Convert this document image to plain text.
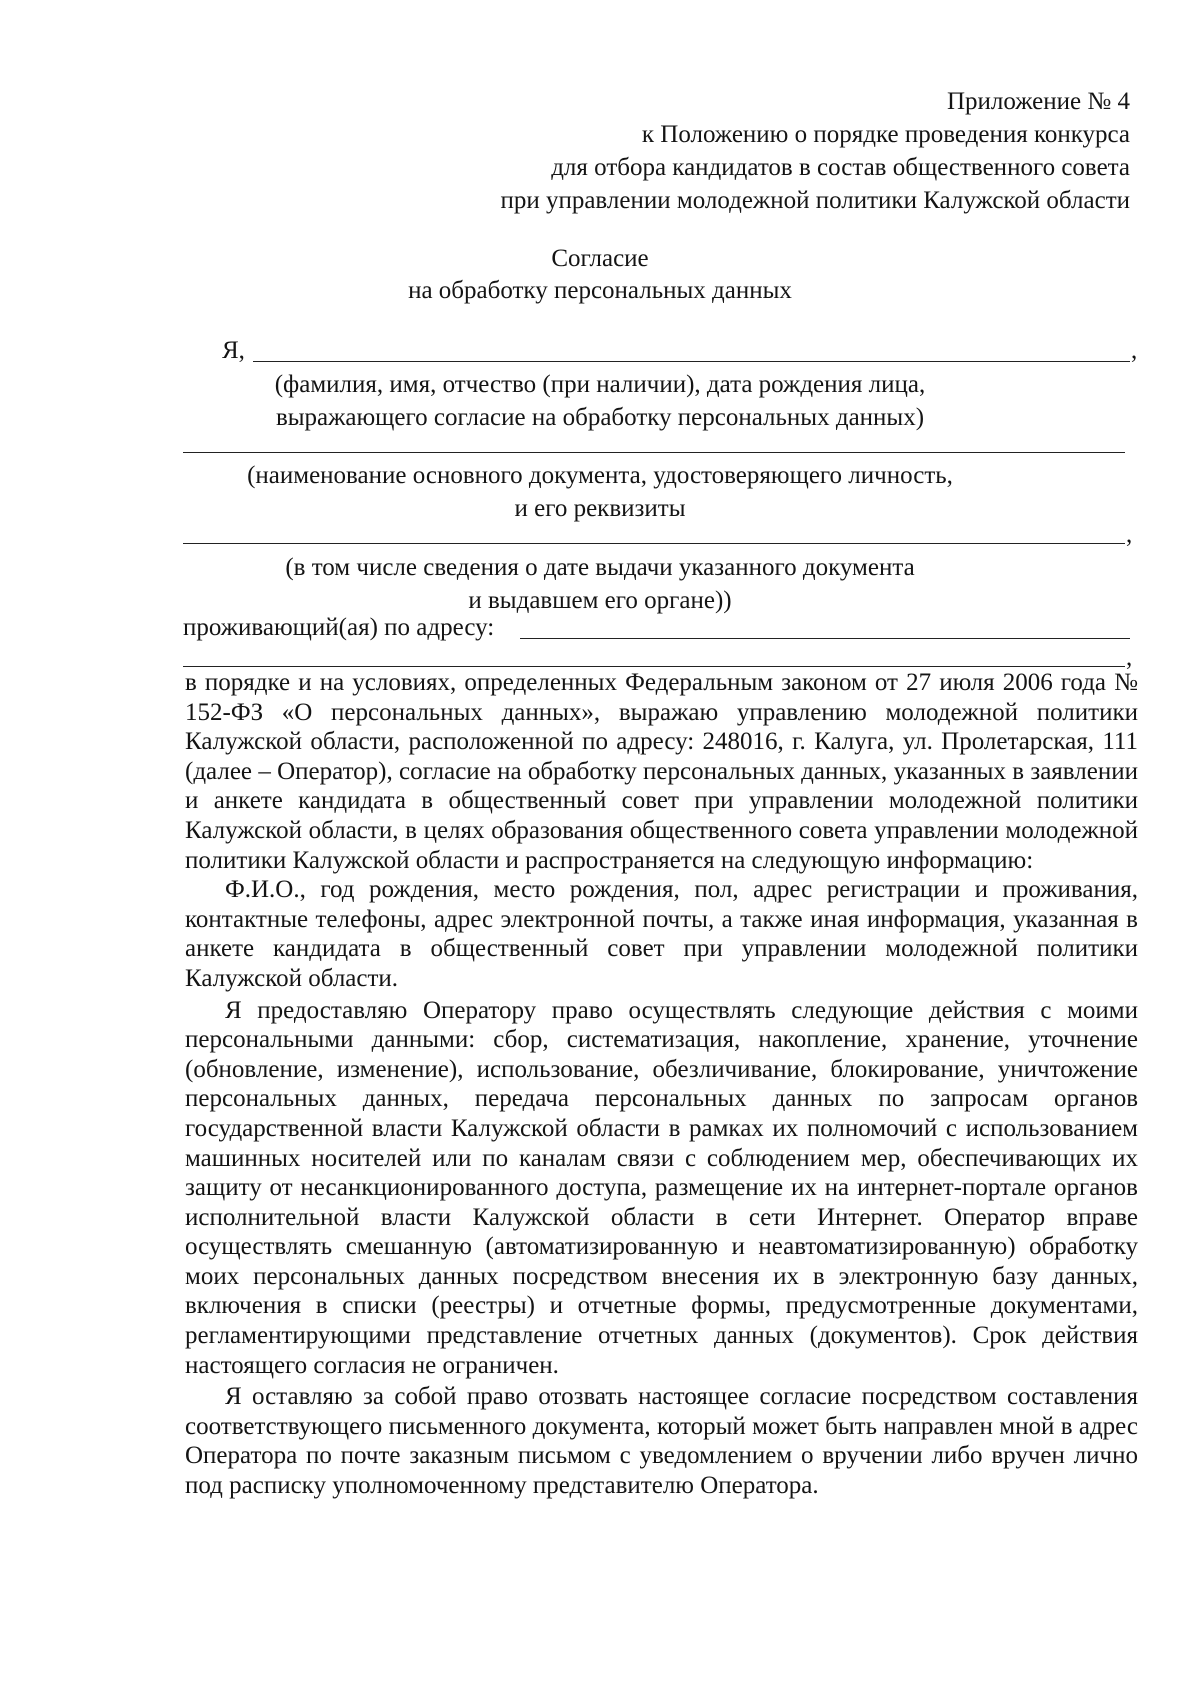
Приложение № 4
к Положению о порядке проведения конкурса
для отбора кандидатов в состав общественного совета
при управлении молодежной политики Калужской области
Согласие
на обработку персональных данных
Я,	,
(фамилия, имя, отчество (при наличии), дата рождения лица,
выражающего согласие на обработку персональных данных)
(наименование основного документа, удостоверяющего личность,
и его реквизиты
,
(в том числе сведения о дате выдачи указанного документа
и выдавшем его органе))
проживающий(ая) по адресу:
,

в порядке и на условиях, определенных Федеральным законом от 27 июля 2006 года № 152-ФЗ «О персональных данных», выражаю управлению молодежной политики Калужской области, расположенной по адресу: 248016, г. Калуга, ул. Пролетарская, 111 (далее – Оператор), согласие на обработку персональных данных, указанных в заявлении и анкете кандидата в общественный совет при управлении молодежной политики Калужской области, в целях образования общественного совета управлении молодежной политики Калужской области и распространяется на следующую информацию:

Ф.И.О., год рождения, место рождения, пол, адрес регистрации и проживания, контактные телефоны, адрес электронной почты, а также иная информация, указанная в анкете кандидата в общественный совет при управлении молодежной политики Калужской области.

Я предоставляю Оператору право осуществлять следующие действия с моими персональными данными: сбор, систематизация, накопление, хранение, уточнение (обновление, изменение), использование, обезличивание, блокирование, уничтожение персональных данных, передача персональных данных по запросам органов государственной власти Калужской области в рамках их полномочий с использованием машинных носителей или по каналам связи с соблюдением мер, обеспечивающих их защиту от несанкционированного доступа, размещение их на интернет-портале органов исполнительной власти Калужской области в сети Интернет. Оператор вправе осуществлять смешанную (автоматизированную и неавтоматизированную) обработку моих персональных данных посредством внесения их в электронную базу данных, включения в списки (реестры) и отчетные формы, предусмотренные документами, регламентирующими представление отчетных данных (документов). Срок действия настоящего согласия не ограничен.

Я оставляю за собой право отозвать настоящее согласие посредством составления соответствующего письменного документа, который может быть направлен мной в адрес Оператора по почте заказным письмом с уведомлением о вручении либо вручен лично под расписку уполномоченному представителю Оператора.
